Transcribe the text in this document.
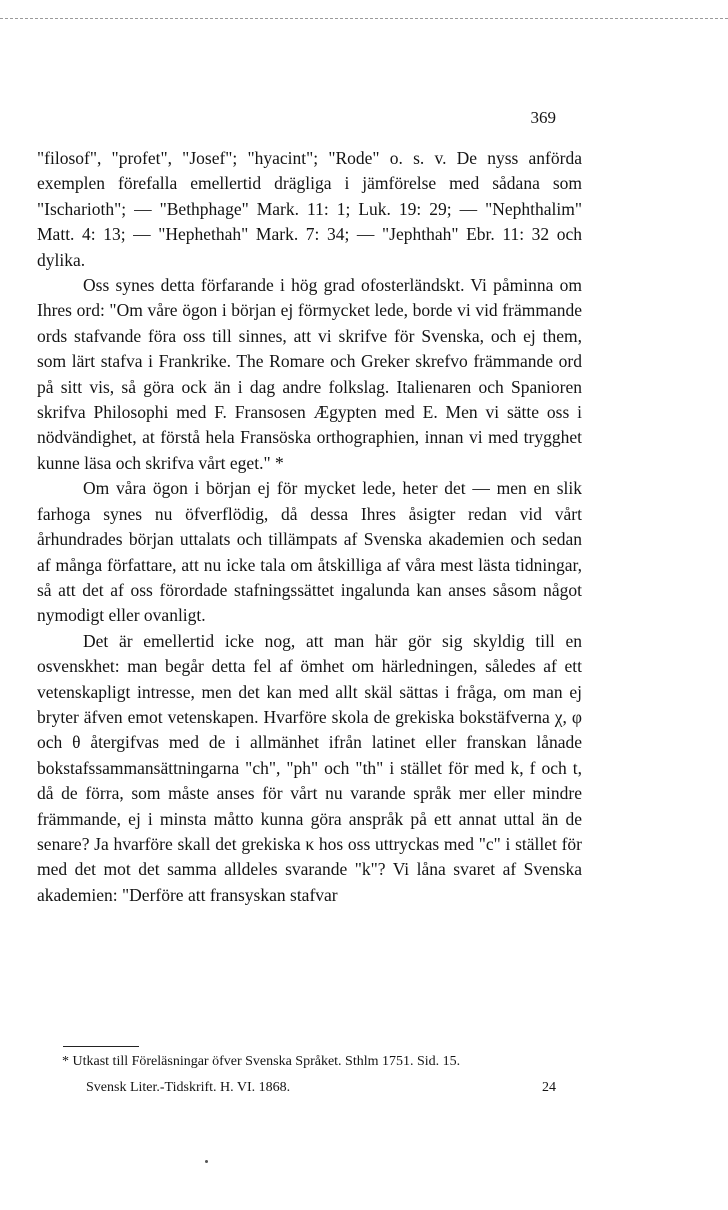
369

"filosof", "profet", "Josef"; "hyacint"; "Rode" o. s. v. De nyss anförda exemplen förefalla emellertid drägliga i jämförelse med sådana som "Ischarioth"; — "Bethphage" Mark. 11: 1; Luk. 19: 29; — "Nephthalim" Matt. 4: 13; — "Hephethah" Mark. 7: 34; — "Jephthah" Ebr. 11: 32 och dylika.

Oss synes detta förfarande i hög grad ofosterländskt. Vi påminna om Ihres ord: "Om våre ögon i början ej förmycket lede, borde vi vid främmande ords stafvande föra oss till sinnes, att vi skrifve för Svenska, och ej them, som lärt stafva i Frankrike. The Romare och Greker skrefvo främmande ord på sitt vis, så göra ock än i dag andre folkslag. Italienaren och Spanioren skrifva Philosophi med F. Fransosen Ægypten med E. Men vi sätte oss i nödvändighet, at förstå hela Fransöska orthographien, innan vi med trygghet kunne läsa och skrifva vårt eget." *

Om våra ögon i början ej för mycket lede, heter det — men en slik farhoga synes nu öfverflödig, då dessa Ihres åsigter redan vid vårt århundrades början uttalats och tillämpats af Svenska akademien och sedan af många författare, att nu icke tala om åtskilliga af våra mest lästa tidningar, så att det af oss förordade stafningssättet ingalunda kan anses såsom något nymodigt eller ovanligt.

Det är emellertid icke nog, att man här gör sig skyldig till en osvenskhet: man begår detta fel af ömhet om härledningen, således af ett vetenskapligt intresse, men det kan med allt skäl sättas i fråga, om man ej bryter äfven emot vetenskapen. Hvarföre skola de grekiska bokstäfverna χ, φ och θ återgifvas med de i allmänhet ifrån latinet eller franskan lånade bokstafssammansättningarna "ch", "ph" och "th" i stället för med k, f och t, då de förra, som måste anses för vårt nu varande språk mer eller mindre främmande, ej i minsta måtto kunna göra anspråk på ett annat uttal än de senare? Ja hvarföre skall det grekiska κ hos oss uttryckas med "c" i stället för med det mot det samma alldeles svarande "k"? Vi låna svaret af Svenska akademien: "Derföre att fransyskan stafvar

* Utkast till Föreläsningar öfver Svenska Språket. Sthlm 1751. Sid. 15.
Svensk Liter.-Tidskrift. H. VI. 1868.	24
